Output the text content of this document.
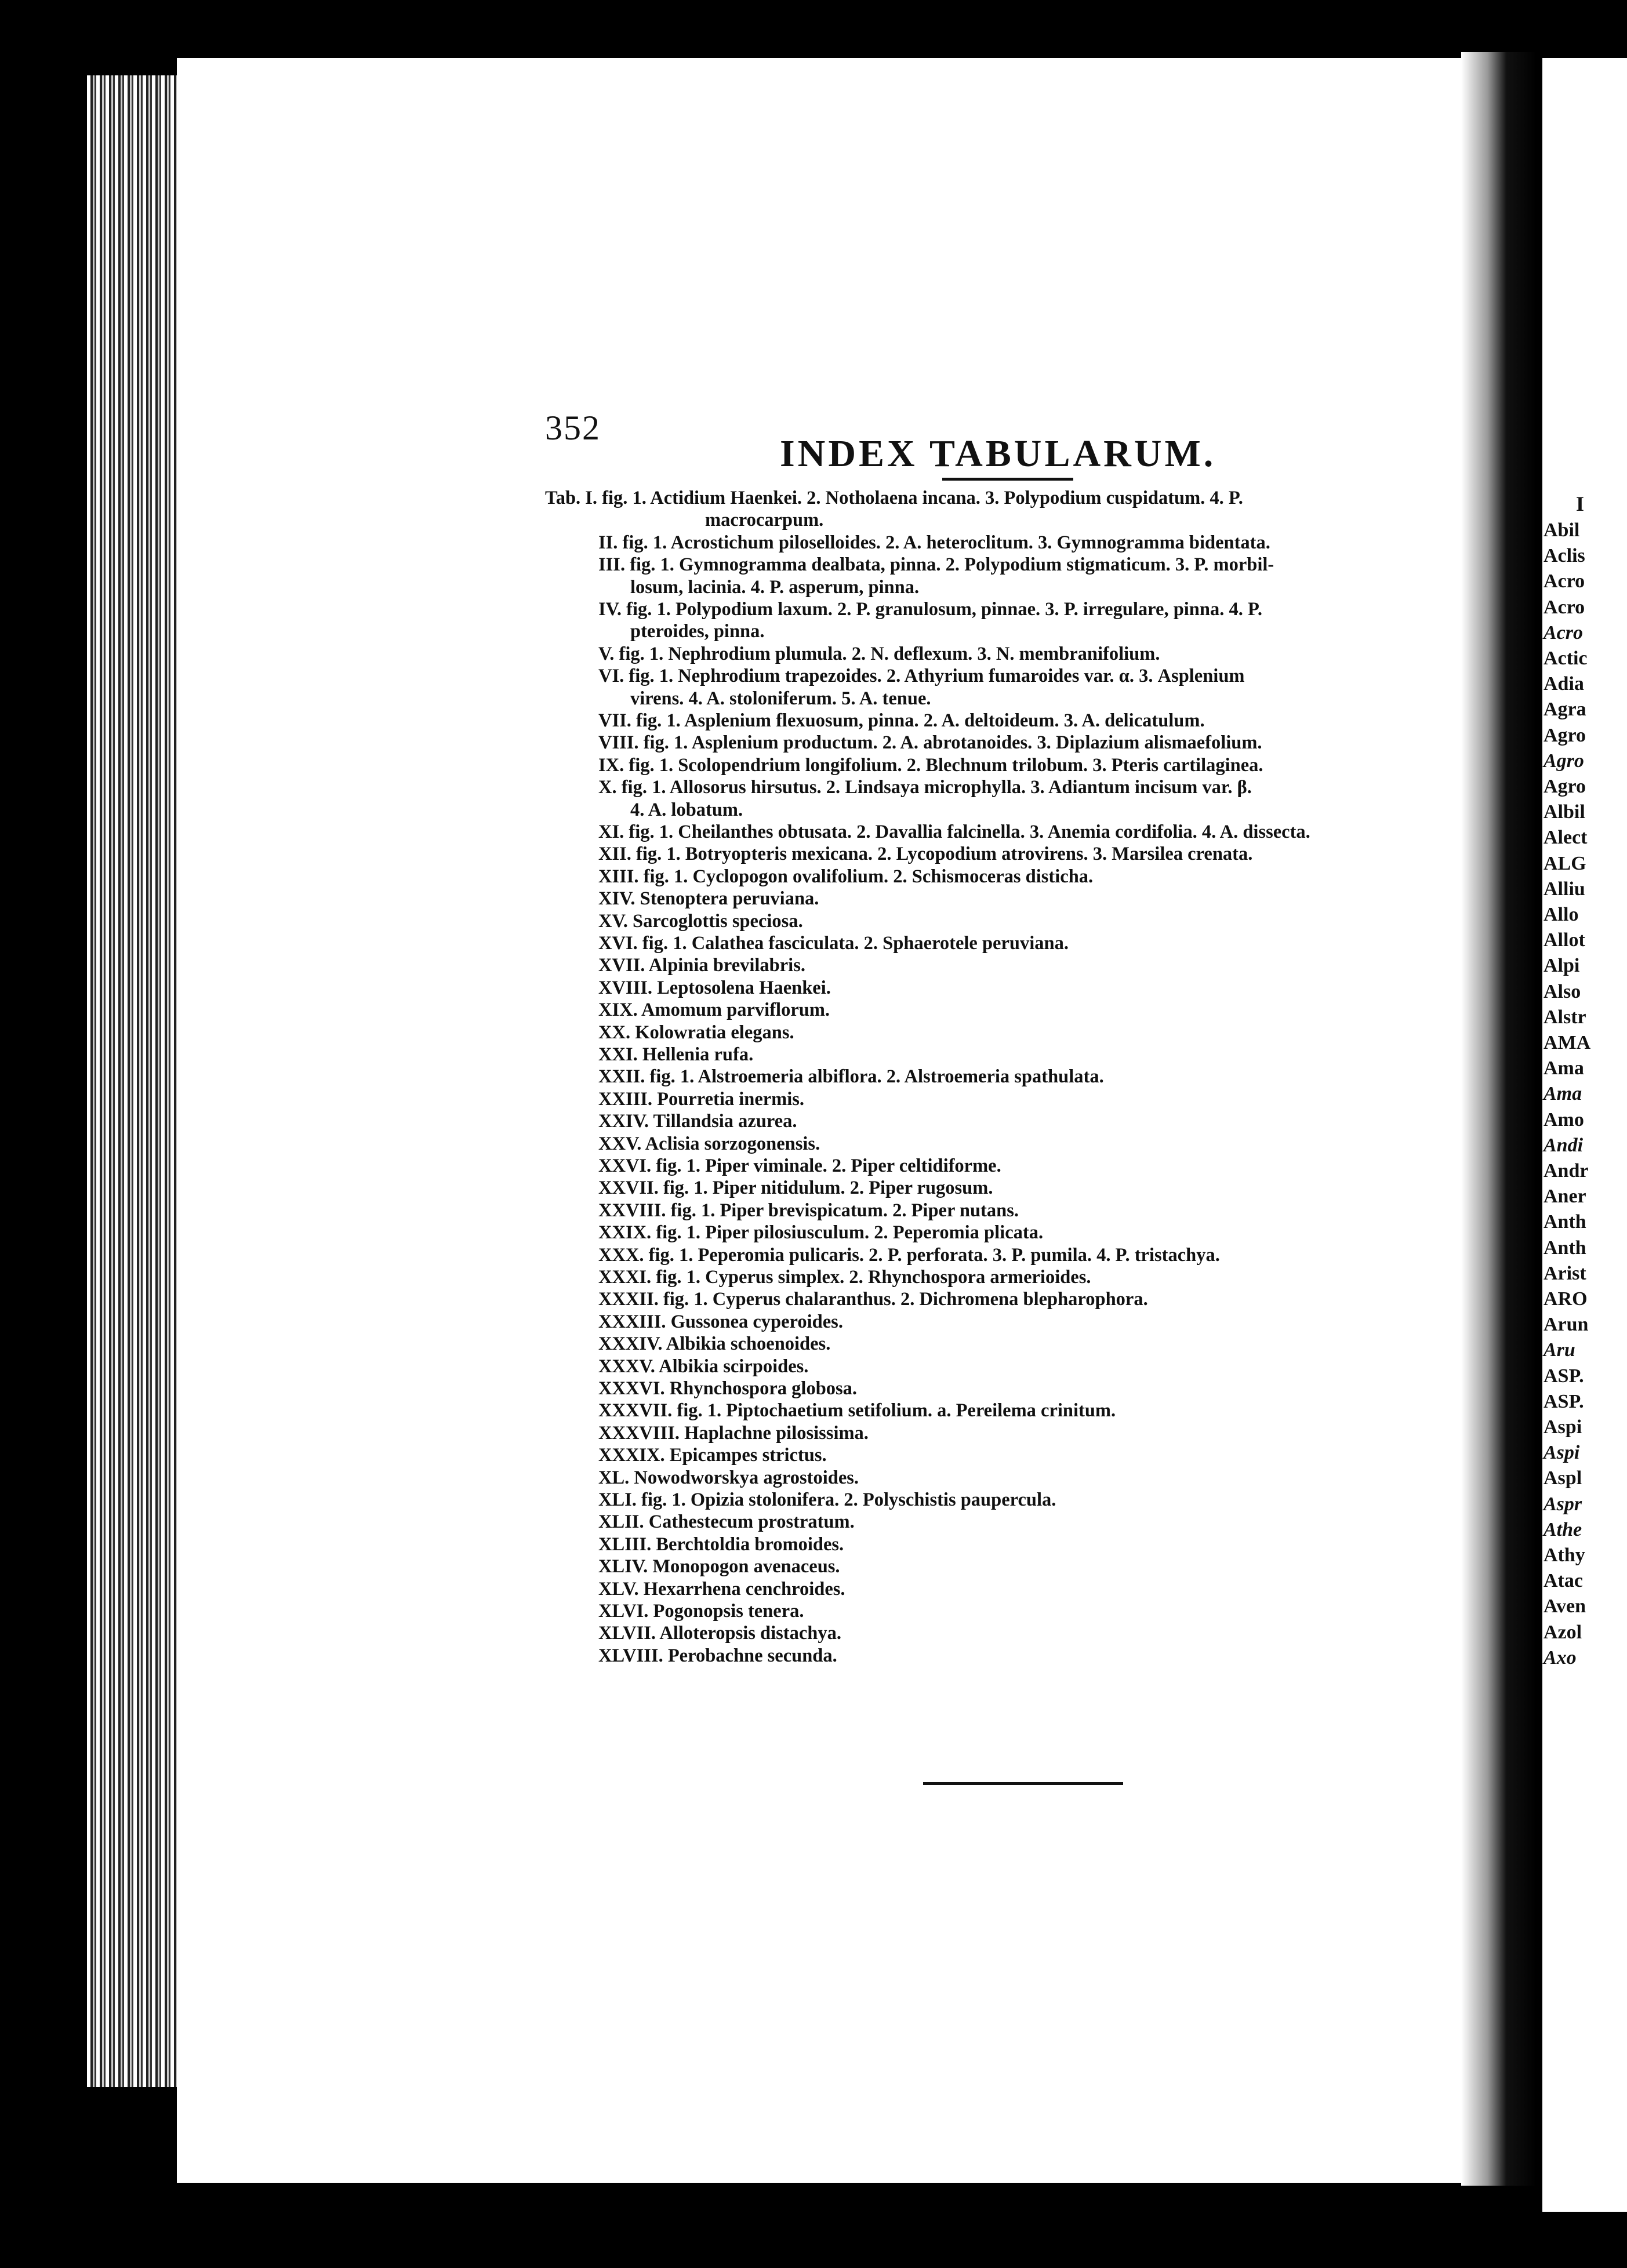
I
Abil
Aclis
Acro
Acro
Acro
Actic
Adia
Agra
Agro
Agro
Agro
Albil
Alect
ALG
Alliu
Allo
Allot
Alpi
Also
Alstr
AMA
Ama
Ama
Amo
Andi
Andr
Aner
Anth
Anth
Arist
ARO
Arun
Aru
ASP.
ASP.
Aspi
Aspi
Aspl
Aspr
Athe
Athy
Atac
Aven
Azol
Axo
352
INDEX TABULARUM.
Tab. I. fig. 1. Actidium Haenkei. 2. Notholaena incana. 3. Polypodium cuspidatum. 4. P.
macrocarpum.
II. fig. 1. Acrostichum piloselloides. 2. A. heteroclitum. 3. Gymnogramma bidentata.
III. fig. 1. Gymnogramma dealbata, pinna. 2. Polypodium stigmaticum. 3. P. morbil-
losum, lacinia. 4. P. asperum, pinna.
IV. fig. 1. Polypodium laxum. 2. P. granulosum, pinnae. 3. P. irregulare, pinna. 4. P.
pteroides, pinna.
V. fig. 1. Nephrodium plumula. 2. N. deflexum. 3. N. membranifolium.
VI. fig. 1. Nephrodium trapezoides. 2. Athyrium fumaroides var. α. 3. Asplenium
virens. 4. A. stoloniferum. 5. A. tenue.
VII. fig. 1. Asplenium flexuosum, pinna. 2. A. deltoideum. 3. A. delicatulum.
VIII. fig. 1. Asplenium productum. 2. A. abrotanoides. 3. Diplazium alismaefolium.
IX. fig. 1. Scolopendrium longifolium. 2. Blechnum trilobum. 3. Pteris cartilaginea.
X. fig. 1. Allosorus hirsutus. 2. Lindsaya microphylla. 3. Adiantum incisum var. β.
4. A. lobatum.
XI. fig. 1. Cheilanthes obtusata. 2. Davallia falcinella. 3. Anemia cordifolia. 4. A. dissecta.
XII. fig. 1. Botryopteris mexicana. 2. Lycopodium atrovirens. 3. Marsilea crenata.
XIII. fig. 1. Cyclopogon ovalifolium. 2. Schismoceras disticha.
XIV. Stenoptera peruviana.
XV. Sarcoglottis speciosa.
XVI. fig. 1. Calathea fasciculata. 2. Sphaerotele peruviana.
XVII. Alpinia brevilabris.
XVIII. Leptosolena Haenkei.
XIX. Amomum parviflorum.
XX. Kolowratia elegans.
XXI. Hellenia rufa.
XXII. fig. 1. Alstroemeria albiflora. 2. Alstroemeria spathulata.
XXIII. Pourretia inermis.
XXIV. Tillandsia azurea.
XXV. Aclisia sorzogonensis.
XXVI. fig. 1. Piper viminale. 2. Piper celtidiforme.
XXVII. fig. 1. Piper nitidulum. 2. Piper rugosum.
XXVIII. fig. 1. Piper brevispicatum. 2. Piper nutans.
XXIX. fig. 1. Piper pilosiusculum. 2. Peperomia plicata.
XXX. fig. 1. Peperomia pulicaris. 2. P. perforata. 3. P. pumila. 4. P. tristachya.
XXXI. fig. 1. Cyperus simplex. 2. Rhynchospora armerioides.
XXXII. fig. 1. Cyperus chalaranthus. 2. Dichromena blepharophora.
XXXIII. Gussonea cyperoides.
XXXIV. Albikia schoenoides.
XXXV. Albikia scirpoides.
XXXVI. Rhynchospora globosa.
XXXVII. fig. 1. Piptochaetium setifolium. a. Pereilema crinitum.
XXXVIII. Haplachne pilosissima.
XXXIX. Epicampes strictus.
XL. Nowodworskya agrostoides.
XLI. fig. 1. Opizia stolonifera. 2. Polyschistis paupercula.
XLII. Cathestecum prostratum.
XLIII. Berchtoldia bromoides.
XLIV. Monopogon avenaceus.
XLV. Hexarrhena cenchroides.
XLVI. Pogonopsis tenera.
XLVII. Alloteropsis distachya.
XLVIII. Perobachne secunda.
